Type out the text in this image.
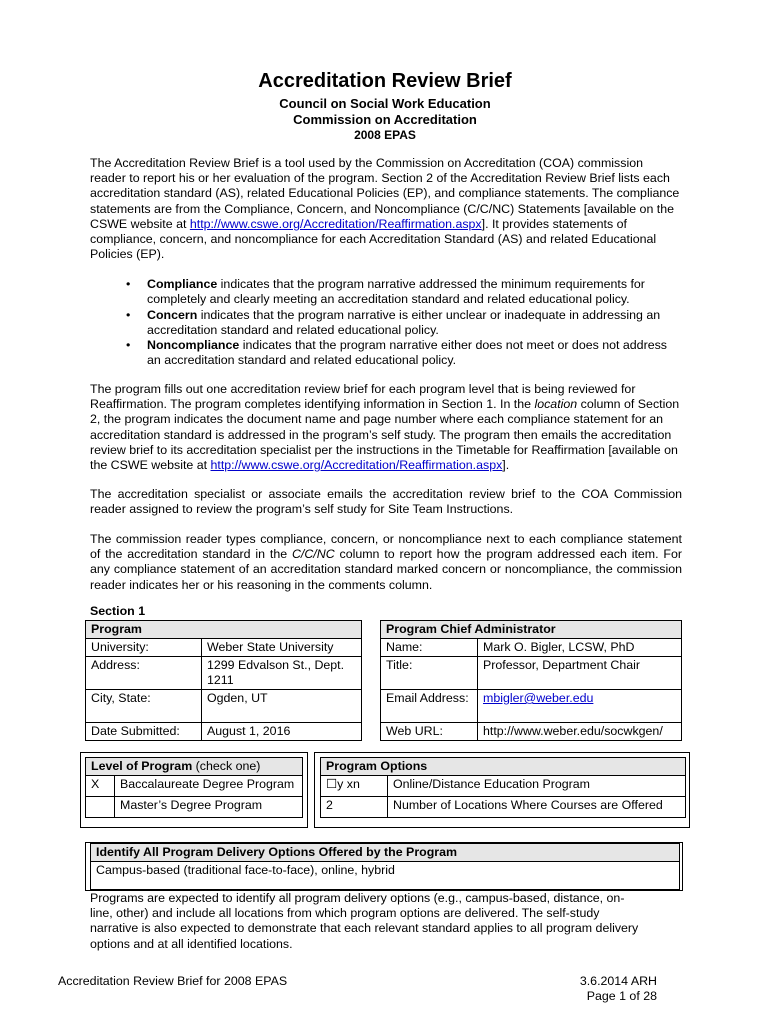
Accreditation Review Brief
Council on Social Work Education
Commission on Accreditation
2008 EPAS
The Accreditation Review Brief is a tool used by the Commission on Accreditation (COA) commission reader to report his or her evaluation of the program. Section 2 of the Accreditation Review Brief lists each accreditation standard (AS), related Educational Policies (EP), and compliance statements. The compliance statements are from the Compliance, Concern, and Noncompliance (C/C/NC) Statements [available on the CSWE website at http://www.cswe.org/Accreditation/Reaffirmation.aspx]. It provides statements of compliance, concern, and noncompliance for each Accreditation Standard (AS) and related Educational Policies (EP).
• Compliance indicates that the program narrative addressed the minimum requirements for completely and clearly meeting an accreditation standard and related educational policy.
• Concern indicates that the program narrative is either unclear or inadequate in addressing an accreditation standard and related educational policy.
• Noncompliance indicates that the program narrative either does not meet or does not address an accreditation standard and related educational policy.
The program fills out one accreditation review brief for each program level that is being reviewed for Reaffirmation. The program completes identifying information in Section 1. In the location column of Section 2, the program indicates the document name and page number where each compliance statement for an accreditation standard is addressed in the program’s self study. The program then emails the accreditation review brief to its accreditation specialist per the instructions in the Timetable for Reaffirmation [available on the CSWE website at http://www.cswe.org/Accreditation/Reaffirmation.aspx].
The accreditation specialist or associate emails the accreditation review brief to the COA Commission reader assigned to review the program’s self study for Site Team Instructions.
The commission reader types compliance, concern, or noncompliance next to each compliance statement of the accreditation standard in the C/C/NC column to report how the program addressed each item. For any compliance statement of an accreditation standard marked concern or noncompliance, the commission reader indicates her or his reasoning in the comments column.
Section 1
Program	
University:	Weber State University
Address:	1299 Edvalson St., Dept. 1211
City, State:	Ogden, UT
Date Submitted:	August 1, 2016
Program Chief Administrator	
Name:	Mark O. Bigler, LCSW, PhD
Title:	Professor, Department Chair
Email Address:	mbigler@weber.edu
Web URL:	http://www.weber.edu/socwkgen/
Level of Program (check one)	
X	Baccalaureate Degree Program
	Master’s Degree Program
Program Options	
☐y xn	Online/Distance Education Program
2	Number of Locations Where Courses are Offered
Identify All Program Delivery Options Offered by the Program
Campus-based (traditional face-to-face), online, hybrid
Programs are expected to identify all program delivery options (e.g., campus-based, distance, on-line, other) and include all locations from which program options are delivered. The self-study narrative is also expected to demonstrate that each relevant standard applies to all program delivery options and at all identified locations.
Accreditation Review Brief for 2008 EPAS	3.6.2014 ARH
Page 1 of 28
